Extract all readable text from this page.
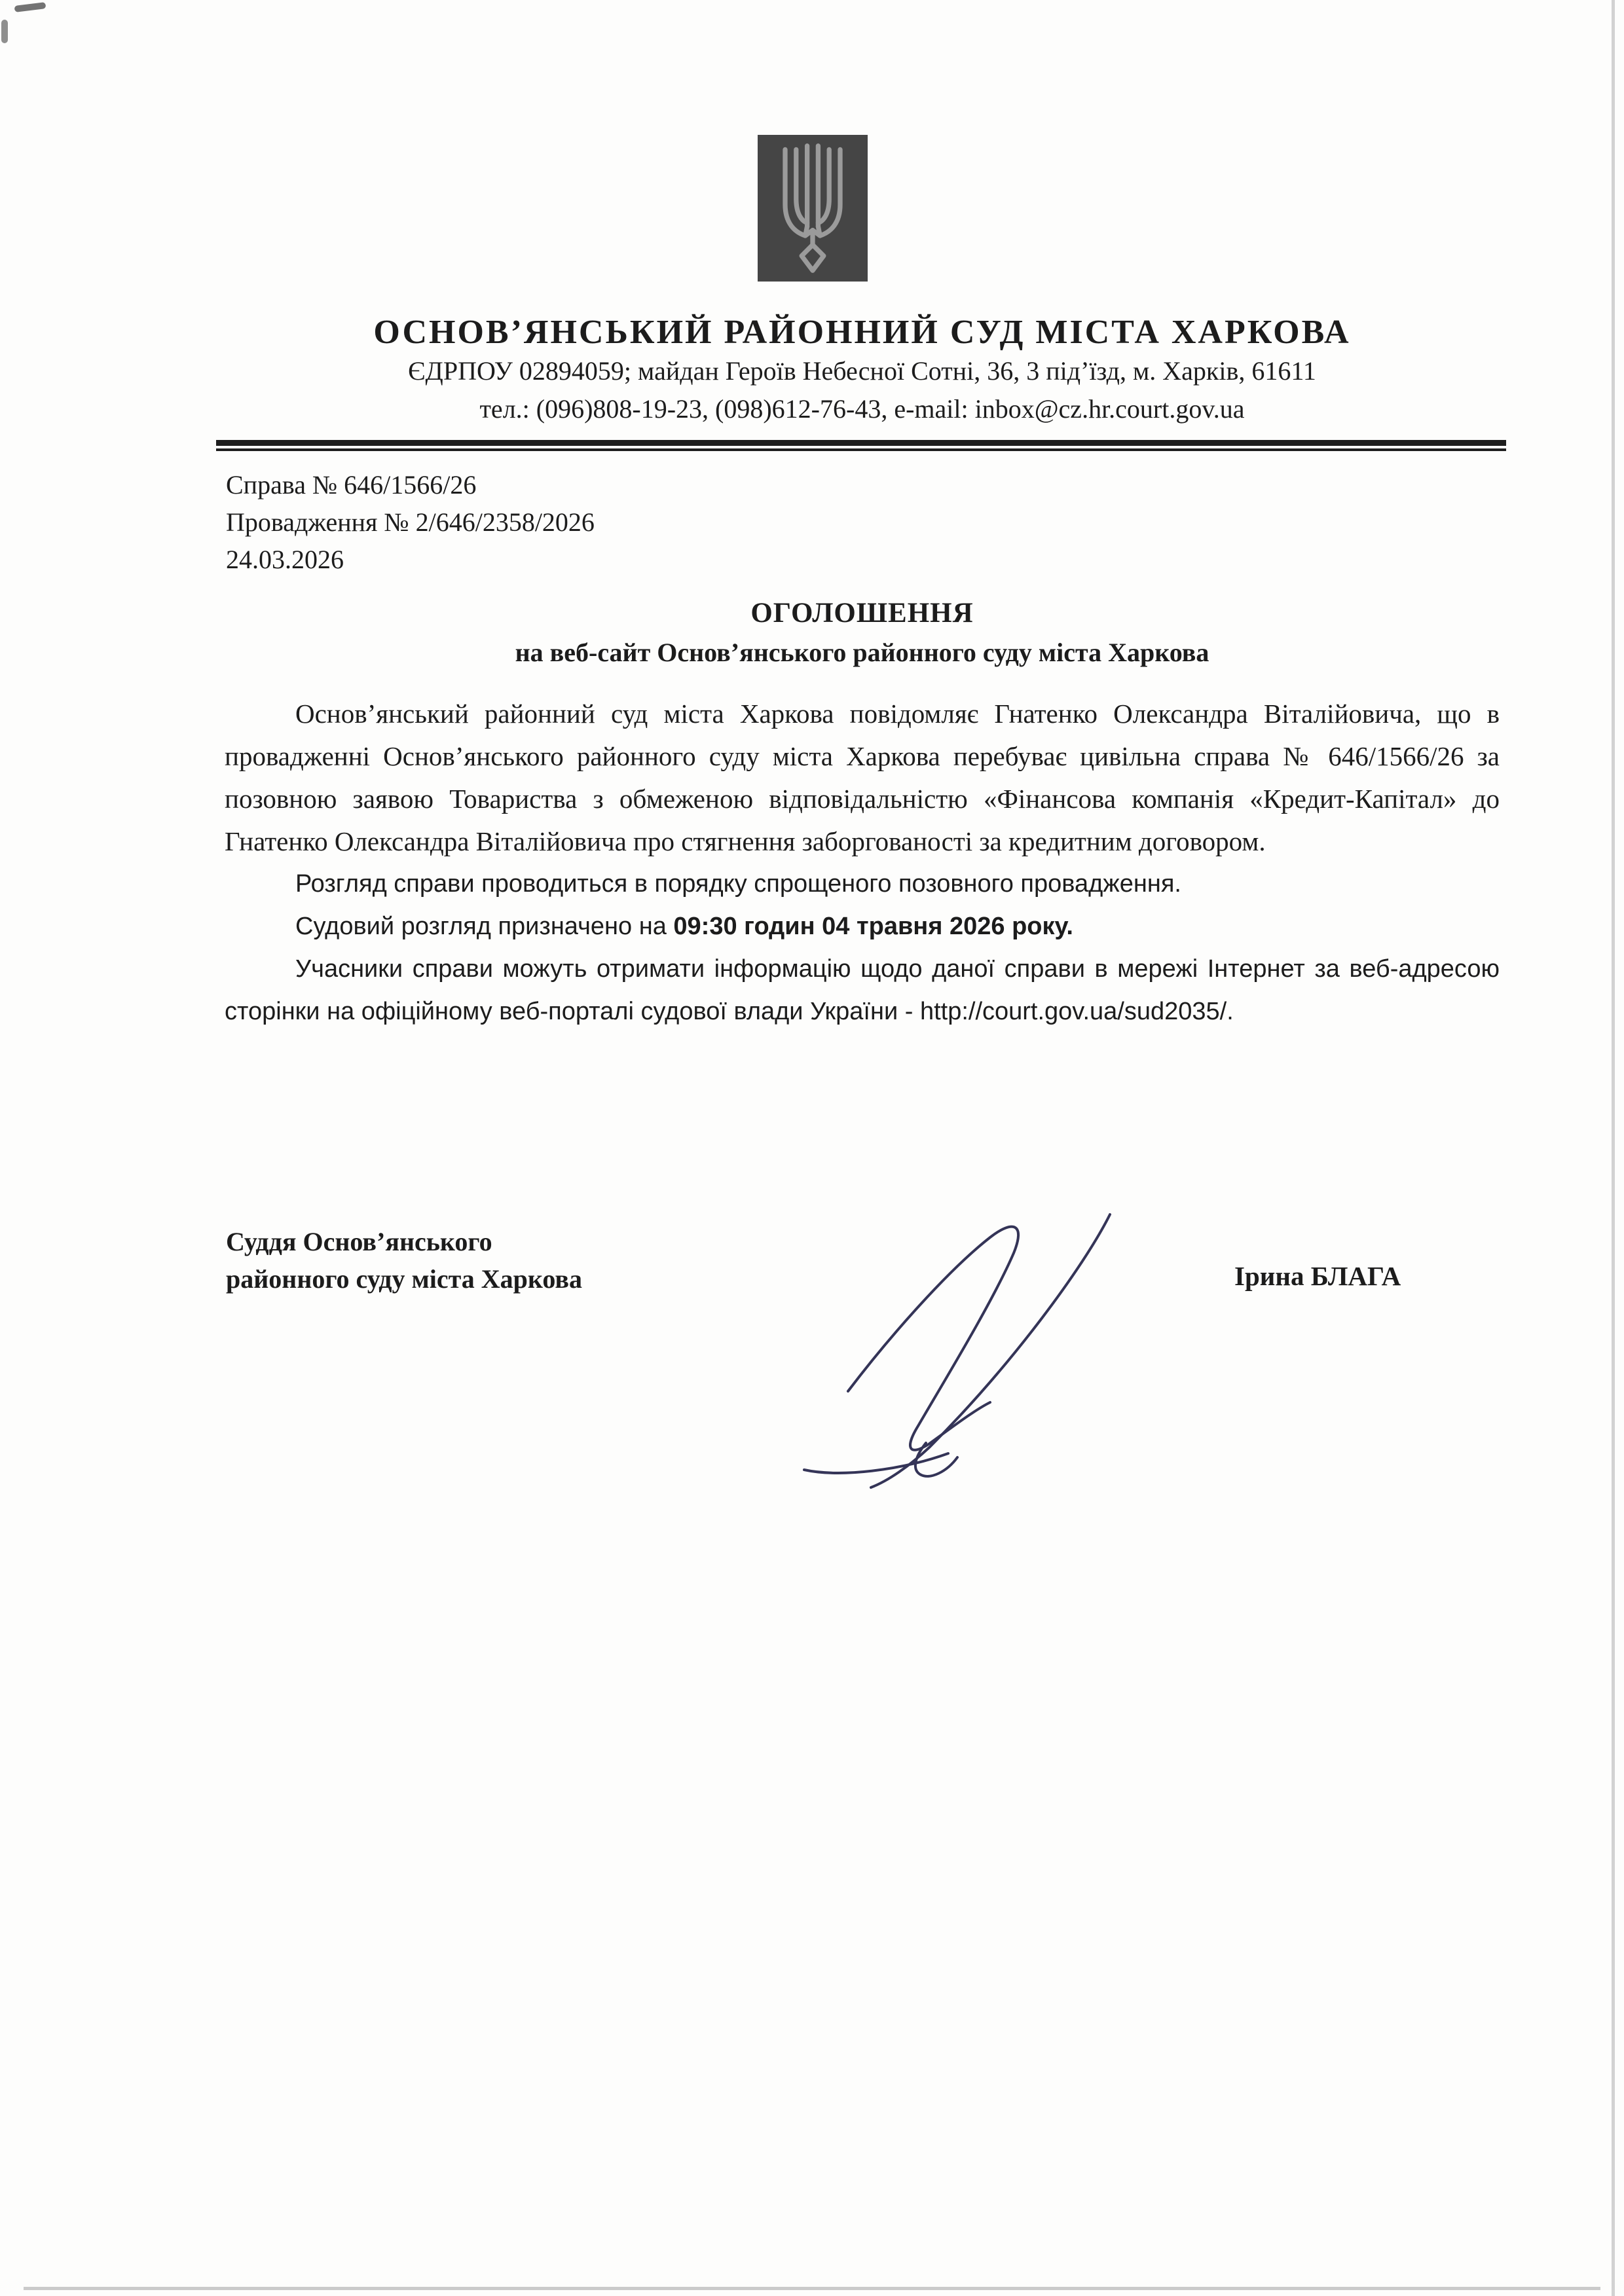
ОСНОВ’ЯНСЬКИЙ РАЙОННИЙ СУД МІСТА ХАРКОВА
ЄДРПОУ 02894059; майдан Героїв Небесної Сотні, 36, 3 під’їзд, м. Харків, 61611
тел.: (096)808-19-23, (098)612-76-43, e-mail: inbox@cz.hr.court.gov.ua
Справа № 646/1566/26
Провадження № 2/646/2358/2026
24.03.2026
ОГОЛОШЕННЯ
на веб-сайт Основ’янського районного суду міста Харкова

Основ’янський районний суд міста Харкова повідомляє Гнатенко Олександра Віталійовича, що в провадженні Основ’янського районного суду міста Харкова перебуває цивільна справа № 646/1566/26 за позовною заявою Товариства з обмеженою відповідальністю «Фінансова компанія «Кредит-Капітал» до Гнатенко Олександра Віталійовича про стягнення заборгованості за кредитним договором.

Розгляд справи проводиться в порядку спрощеного позовного провадження.

Судовий розгляд призначено на 09:30 годин 04 травня 2026 року.

Учасники справи можуть отримати інформацію щодо даної справи в мережі Інтернет за веб-адресою сторінки на офіційному веб-порталі судової влади України - http://court.gov.ua/sud2035/.

Суддя Основ’янського
районного суду міста Харкова	Ірина БЛАГА
